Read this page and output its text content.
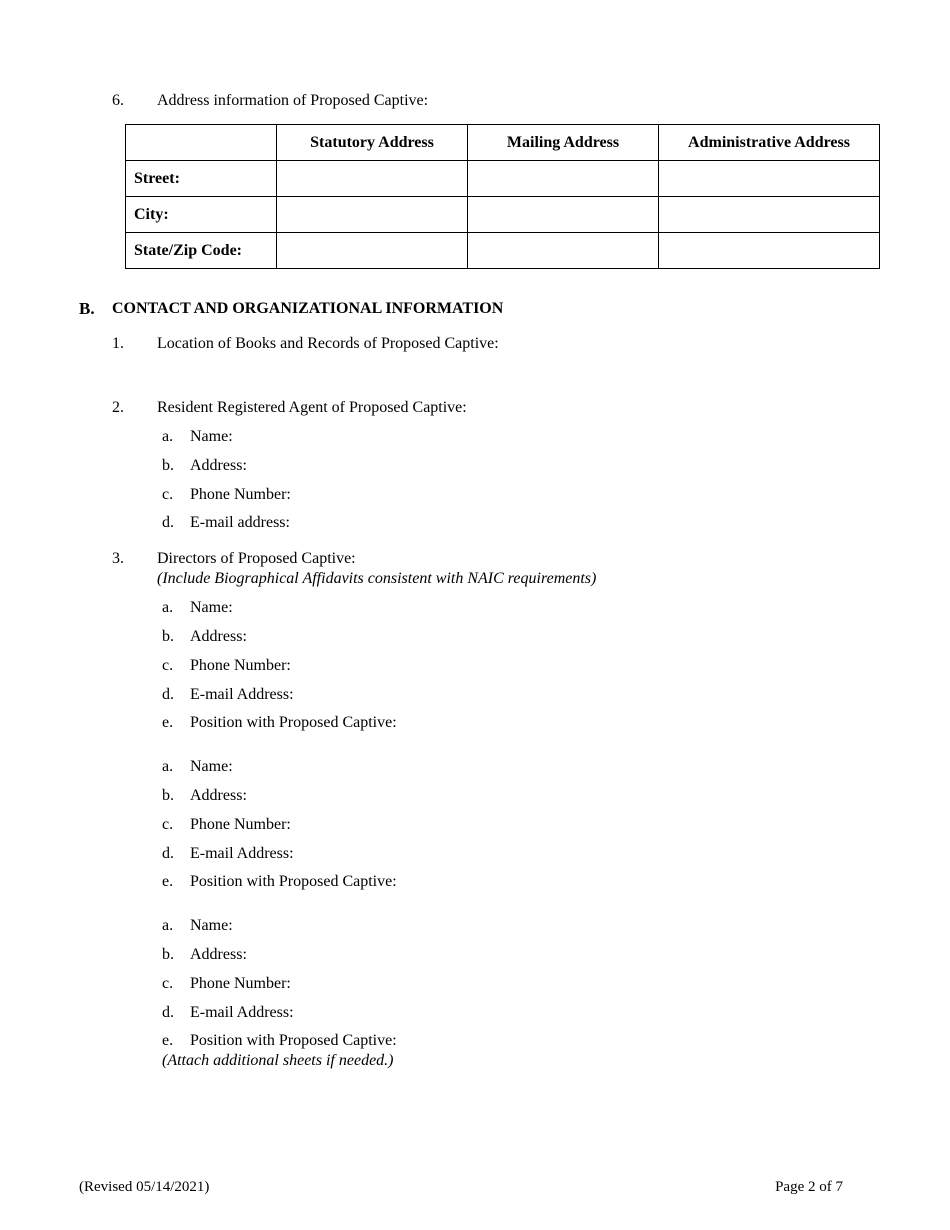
6. Address information of Proposed Captive:
	Statutory Address	Mailing Address	Administrative Address
Street:			
City:			
State/Zip Code:			
B. CONTACT AND ORGANIZATIONAL INFORMATION
1. Location of Books and Records of Proposed Captive:
2. Resident Registered Agent of Proposed Captive:
a. Name:
b. Address:
c. Phone Number:
d. E-mail address:
3. Directors of Proposed Captive:
(Include Biographical Affidavits consistent with NAIC requirements)
a. Name:
b. Address:
c. Phone Number:
d. E-mail Address:
e. Position with Proposed Captive:
a. Name:
b. Address:
c. Phone Number:
d. E-mail Address:
e. Position with Proposed Captive:
a. Name:
b. Address:
c. Phone Number:
d. E-mail Address:
e. Position with Proposed Captive:
(Attach additional sheets if needed.)
(Revised 05/14/2021)	Page 2 of 7
